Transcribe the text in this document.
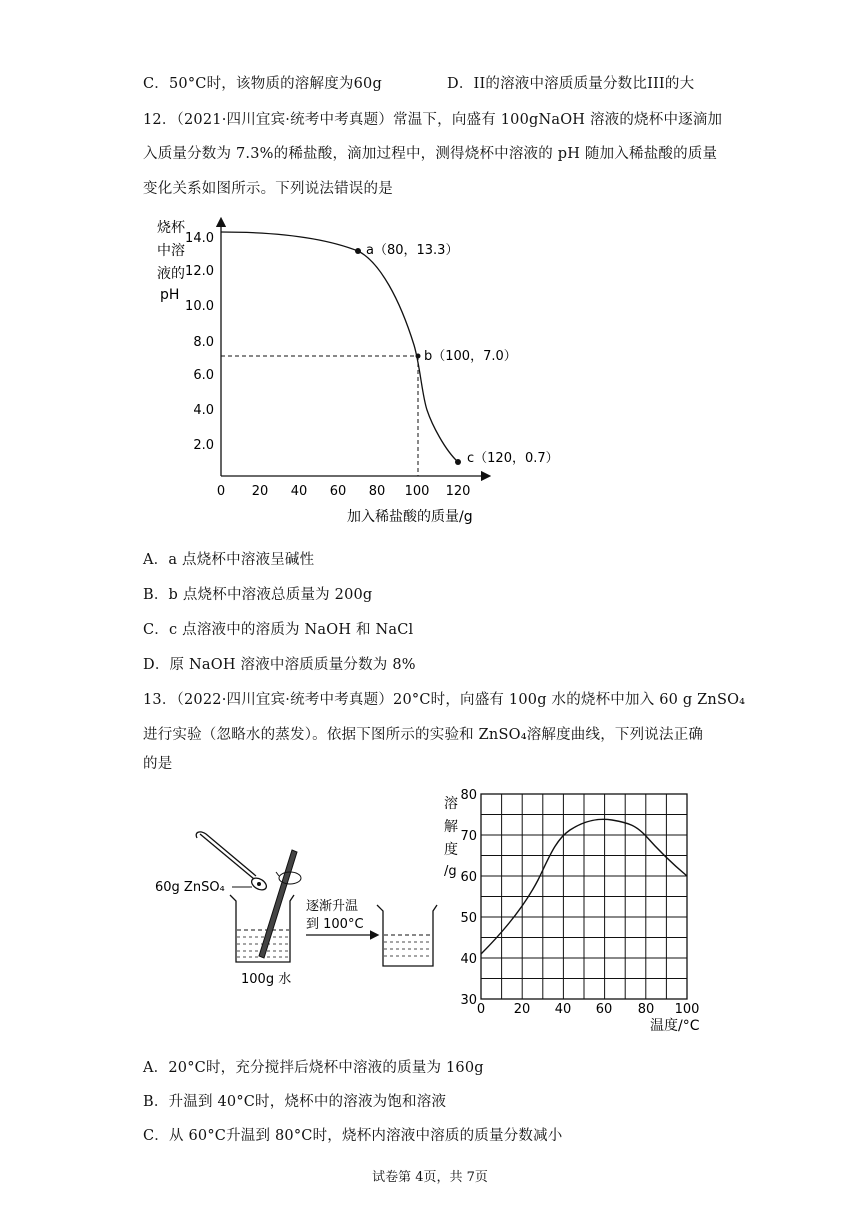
C．50°C时，该物质的溶解度为60g	D．II的溶液中溶质质量分数比III的大
12．（2021·四川宜宾·统考中考真题）常温下，向盛有 100gNaOH 溶液的烧杯中逐滴加
入质量分数为 7.3%的稀盐酸，滴加过程中，测得烧杯中溶液的 pH 随加入稀盐酸的质量
变化关系如图所示。下列说法错误的是
烧杯
中溶
液的
pH
14.0
12.0
10.0
8.0
6.0
4.0
2.0
0 20 40 60 80 100 120
a（80，13.3）
b（100，7.0）
c（120，0.7）
加入稀盐酸的质量/g
A．a 点烧杯中溶液呈碱性
B．b 点烧杯中溶液总质量为 200g
C．c 点溶液中的溶质为 NaOH 和 NaCl
D．原 NaOH 溶液中溶质质量分数为 8%
13．（2022·四川宜宾·统考中考真题）20°C时，向盛有 100g 水的烧杯中加入 60 g ZnSO₄
进行实验（忽略水的蒸发）。依据下图所示的实验和 ZnSO₄溶解度曲线，下列说法正确
的是
60g ZnSO₄
100g 水
逐渐升温
到 100°C
溶
解
度
/g
80
70
60
50
40
30
0 20 40 60 80 100
温度/°C
A．20°C时，充分搅拌后烧杯中溶液的质量为 160g
B．升温到 40°C时，烧杯中的溶液为饱和溶液
C．从 60°C升温到 80°C时，烧杯内溶液中溶质的质量分数减小
试卷第 4页，共 7页
